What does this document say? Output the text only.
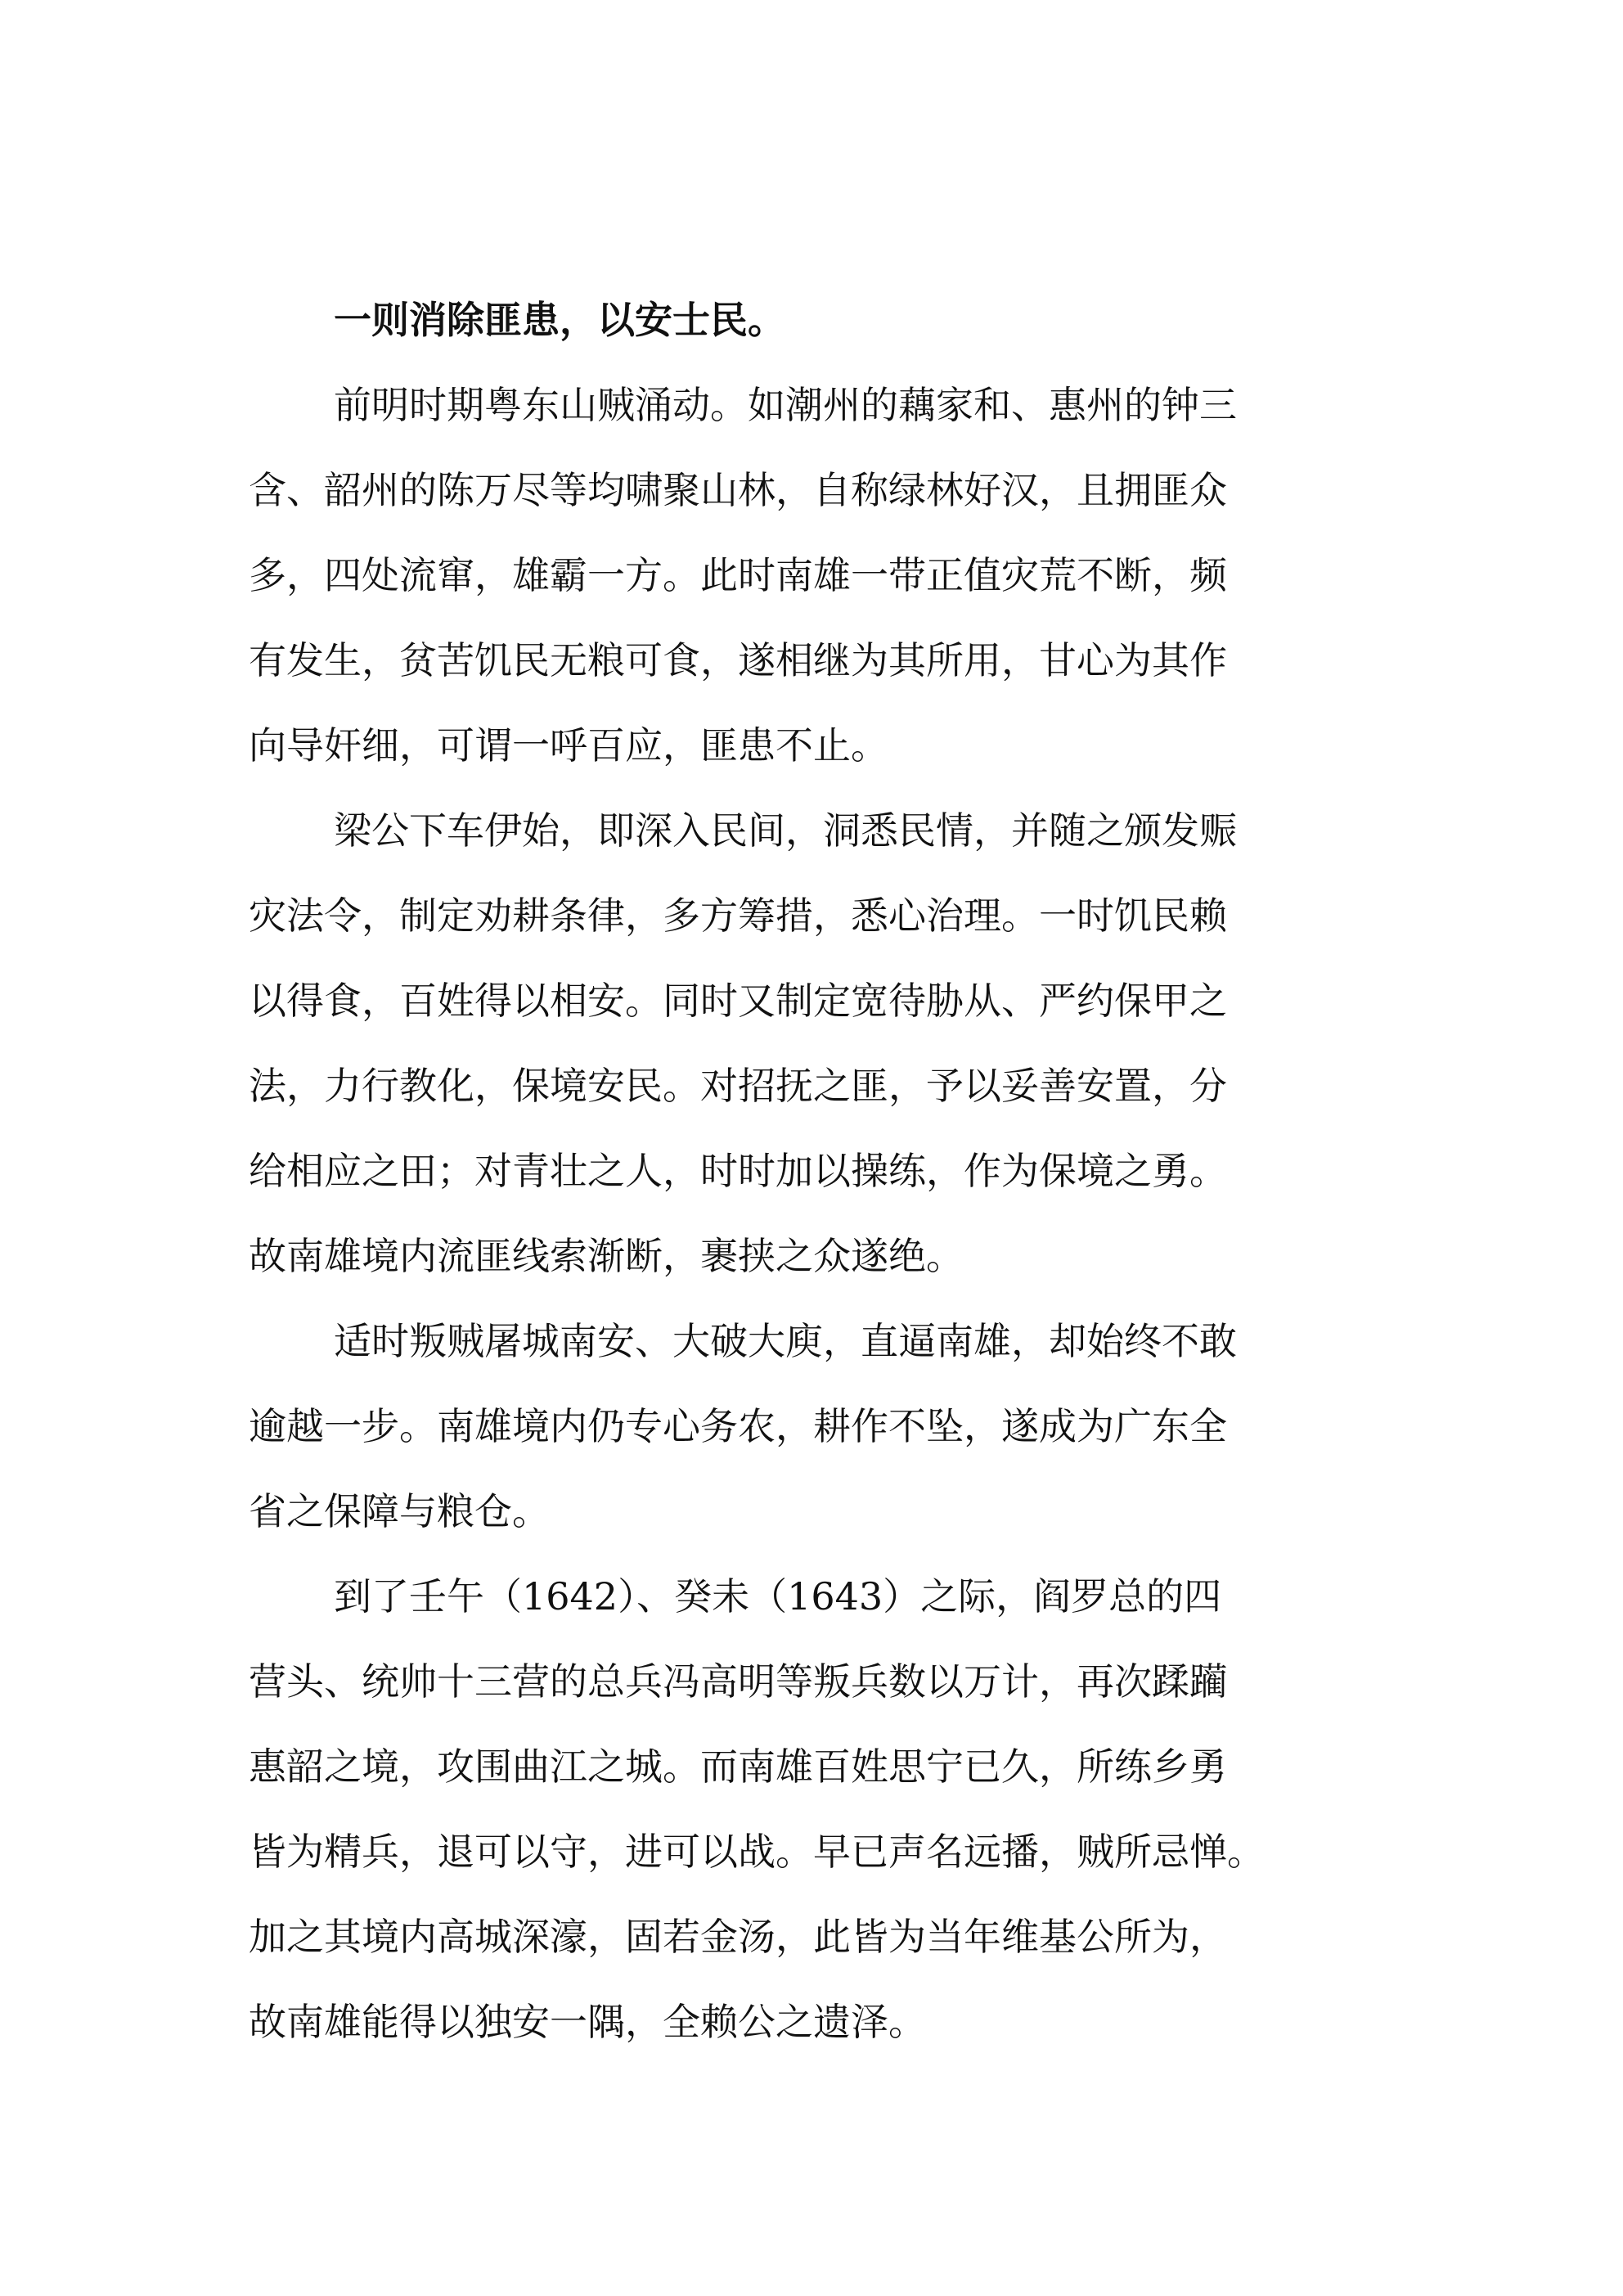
一则消除匪患，以安士民。
前明时期粤东山贼涌动。如潮州的藕家和、惠州的钟三
含、韶州的陈万尽等均啸聚山林，自称绿林好汉，且拥匪众
多，四处流窜，雄霸一方。此时南雄一带正值灾荒不断，频
有发生，贫苦饥民无粮可食，遂相继为其所用，甘心为其作
向导奸细，可谓一呼百应，匪患不止。
梁公下车伊始，即深入民间，洞悉民情，并随之颁发赈
灾法令，制定劝耕条律，多方筹措，悉心治理。一时饥民赖
以得食，百姓得以相安。同时又制定宽待胁从、严约保甲之
法，力行教化，保境安民。对招抚之匪，予以妥善安置，分
给相应之田；对青壮之人，时时加以操练，作为保境之勇。
故南雄境内流匪线索渐断，裹挟之众遂绝。
适时叛贼屠城南安、大破大庾，直逼南雄，却始终不敢
逾越一步。南雄境内仍专心务农，耕作不坠，遂成为广东全
省之保障与粮仓。
到了壬午（1642）、癸未（1643）之际，阎罗总的四
营头、统帅十三营的总兵冯高明等叛兵数以万计，再次蹂躏
惠韶之境，攻围曲江之城。而南雄百姓思宁已久，所练乡勇
皆为精兵，退可以守，进可以战。早已声名远播，贼所忌惮。
加之其境内高城深濠，固若金汤，此皆为当年维基公所为，
故南雄能得以独安一隅，全赖公之遗泽。
